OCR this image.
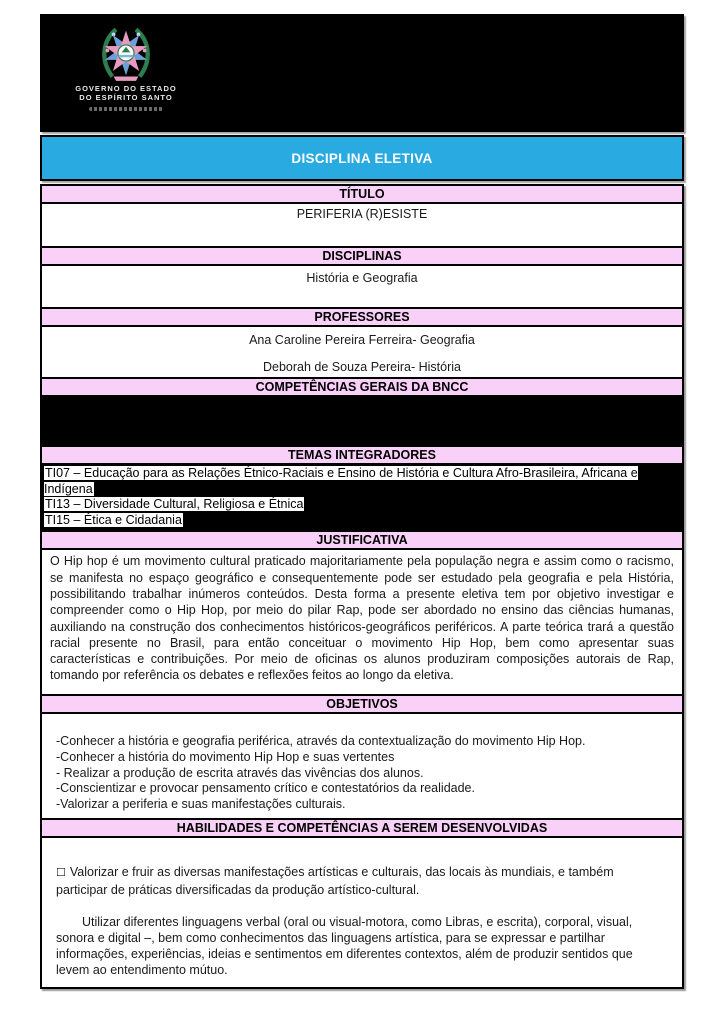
GOVERNO DO ESTADO
DO ESPÍRITO SANTO
DISCIPLINA ELETIVA
TÍTULO
PERIFERIA (R)ESISTE
DISCIPLINAS
História e Geografia
PROFESSORES

Ana Caroline Pereira Ferreira- Geografia

Deborah de Souza Pereira- História

COMPETÊNCIAS GERAIS DA BNCC
TEMAS INTEGRADORES

TI07 – Educação para as Relações Étnico-Raciais e Ensino de História e Cultura Afro-Brasileira, Africana e Indígena

TI13 – Diversidade Cultural, Religiosa e Étnica

TI15 – Ética e Cidadania

JUSTIFICATIVA
O Hip hop é um movimento cultural praticado majoritariamente pela população negra e assim como o racismo, se manifesta no espaço geográfico e consequentemente pode ser estudado pela geografia e pela História, possibilitando trabalhar inúmeros conteúdos. Desta forma a presente eletiva tem por objetivo investigar e compreender como o Hip Hop, por meio do pilar Rap, pode ser abordado no ensino das ciências humanas, auxiliando na construção dos conhecimentos históricos-geográficos periféricos. A parte teórica trará a questão racial presente no Brasil, para então conceituar o movimento Hip Hop, bem como apresentar suas características e contribuições. Por meio de oficinas os alunos produziram composições autorais de Rap, tomando por referência os debates e reflexões feitos ao longo da eletiva.
OBJETIVOS

-Conhecer a história e geografia periférica, através da contextualização do movimento Hip Hop.

-Conhecer a história do movimento Hip Hop e suas vertentes

- Realizar a produção de escrita através das vivências dos alunos.

-Conscientizar e provocar pensamento crítico e contestatórios da realidade.

-Valorizar a periferia e suas manifestações culturais.

HABILIDADES E COMPETÊNCIAS A SEREM DESENVOLVIDAS

☐ Valorizar e fruir as diversas manifestações artísticas e culturais, das locais às mundiais, e também participar de práticas diversificadas da produção artístico-cultural.

Utilizar diferentes linguagens verbal (oral ou visual-motora, como Libras, e escrita), corporal, visual, sonora e digital –, bem como conhecimentos das linguagens artística, para se expressar e partilhar informações, experiências, ideias e sentimentos em diferentes contextos, além de produzir sentidos que levem ao entendimento mútuo.
